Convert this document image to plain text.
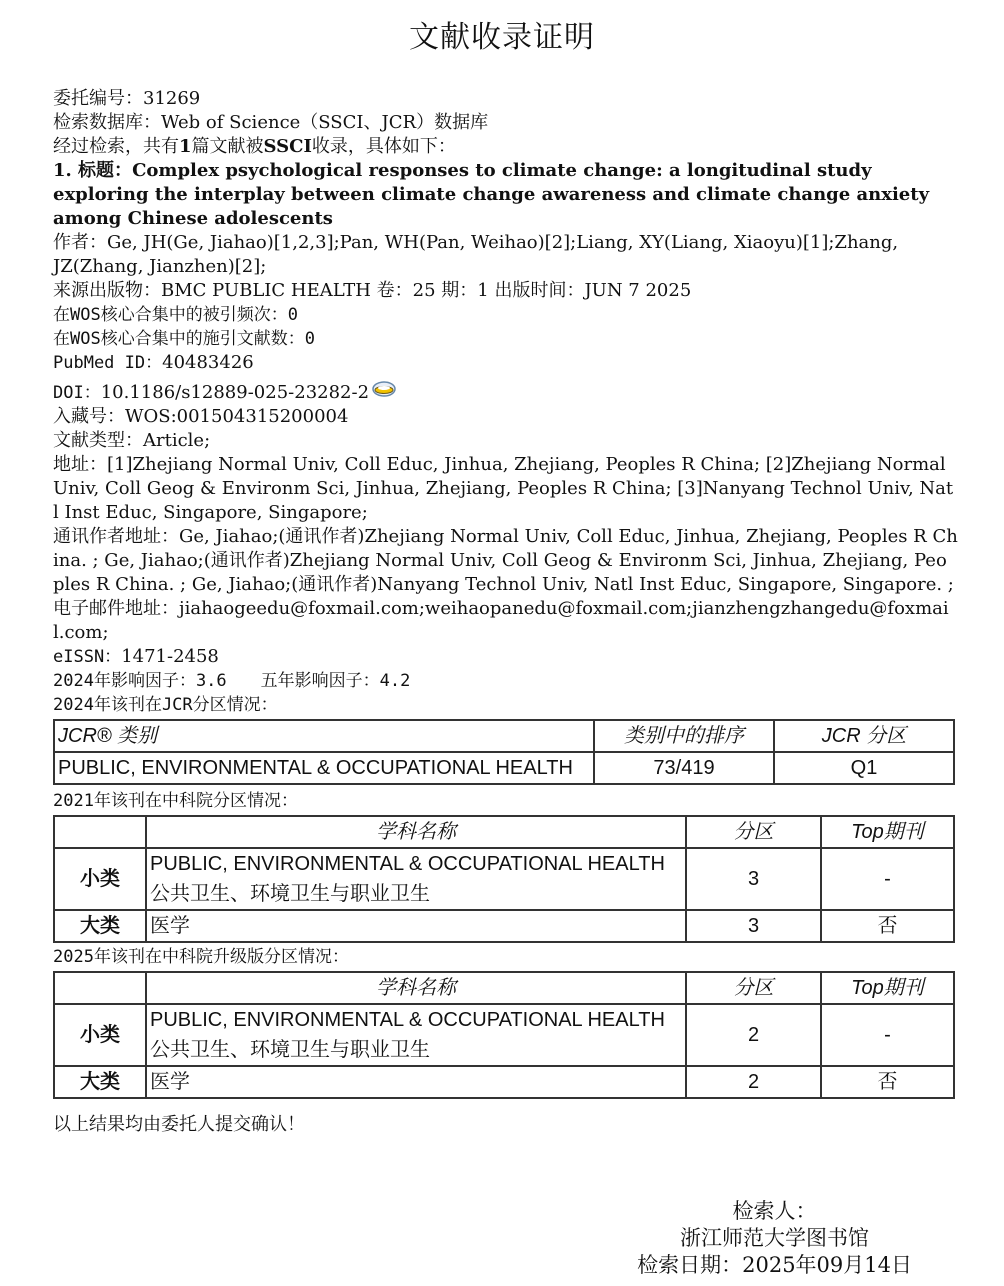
文献收录证明

委托编号：31269

检索数据库：Web of Science（SSCI、JCR）数据库

经过检索，共有1篇文献被SSCI收录，具体如下：

1. 标题：Complex psychological responses to climate change: a longitudinal study exploring the interplay between climate change awareness and climate change anxiety among Chinese adolescents

作者：Ge, JH(Ge, Jiahao)[1,2,3];Pan, WH(Pan, Weihao)[2];Liang, XY(Liang, Xiaoyu)[1];Zhang, JZ(Zhang, Jianzhen)[2];

来源出版物：BMC PUBLIC HEALTH 卷：25 期：1 出版时间：JUN 7 2025

在WOS核心合集中的被引频次：0

在WOS核心合集中的施引文献数：0

PubMed ID：40483426

DOI：10.1186/s12889-025-23282-2

入藏号：WOS:001504315200004

文献类型：Article;

地址：[1]Zhejiang Normal Univ, Coll Educ, Jinhua, Zhejiang, Peoples R China; [2]Zhejiang Normal Univ, Coll Geog & Environm Sci, Jinhua, Zhejiang, Peoples R China; [3]Nanyang Technol Univ, Natl Inst Educ, Singapore, Singapore;

通讯作者地址：Ge, Jiahao;(通讯作者)Zhejiang Normal Univ, Coll Educ, Jinhua, Zhejiang, Peoples R China. ; Ge, Jiahao;(通讯作者)Zhejiang Normal Univ, Coll Geog & Environm Sci, Jinhua, Zhejiang, Peoples R China. ; Ge, Jiahao;(通讯作者)Nanyang Technol Univ, Natl Inst Educ, Singapore, Singapore. ;

电子邮件地址：jiahaogeedu@foxmail.com;weihaopanedu@foxmail.com;jianzhengzhangedu@foxmail.com;

eISSN：1471-2458

2024年影响因子：3.6　　五年影响因子：4.2

2024年该刊在JCR分区情况：

JCR® 类别	类别中的排序	JCR 分区
PUBLIC, ENVIRONMENTAL & OCCUPATIONAL HEALTH	73/419	Q1

2021年该刊在中科院分区情况：

	学科名称	分区	Top期刊
小类	PUBLIC, ENVIRONMENTAL & OCCUPATIONAL HEALTH公共卫生、环境卫生与职业卫生	3	-
大类	医学	3	否

2025年该刊在中科院升级版分区情况：

	学科名称	分区	Top期刊
小类	PUBLIC, ENVIRONMENTAL & OCCUPATIONAL HEALTH 公共卫生、环境卫生与职业卫生	2	-
大类	医学	2	否
以上结果均由委托人提交确认！
检索人：
浙江师范大学图书馆
检索日期：2025年09月14日
